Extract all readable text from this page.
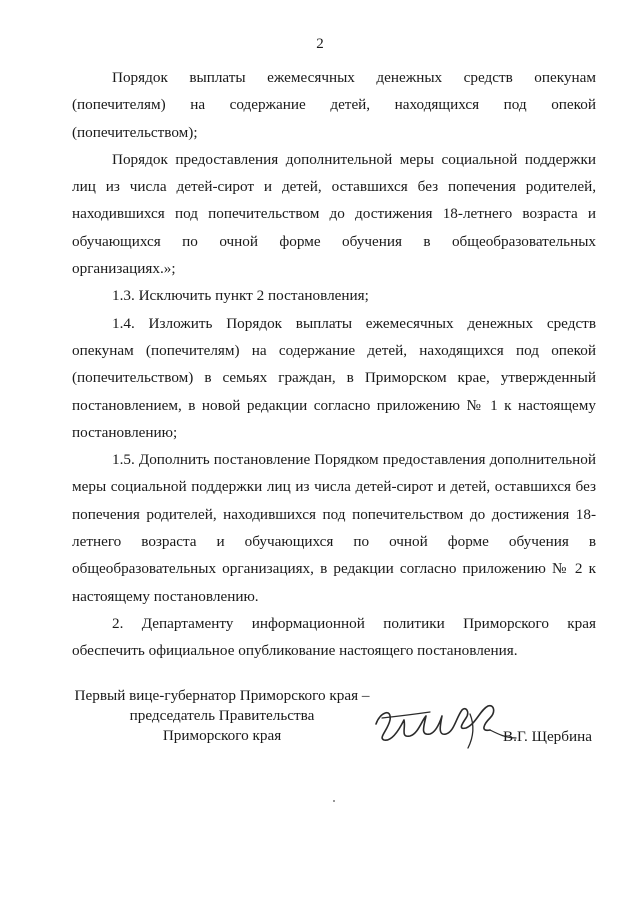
2

Порядок выплаты ежемесячных денежных средств опекунам (попечителям) на содержание детей, находящихся под опекой (попечительством);

Порядок предоставления дополнительной меры социальной поддержки лиц из числа детей-сирот и детей, оставшихся без попечения родителей, находившихся под попечительством до достижения 18-летнего возраста и обучающихся по очной форме обучения в общеобразовательных организациях.»;

1.3. Исключить пункт 2 постановления;

1.4. Изложить Порядок выплаты ежемесячных денежных средств опекунам (попечителям) на содержание детей, находящихся под опекой (попечительством) в семьях граждан, в Приморском крае, утвержденный постановлением, в новой редакции согласно приложению № 1 к настоящему постановлению;

1.5. Дополнить постановление Порядком предоставления дополнительной меры социальной поддержки лиц из числа детей-сирот и детей, оставшихся без попечения родителей, находившихся под попечительством до достижения 18-летнего возраста и обучающихся по очной форме обучения в общеобразовательных организациях, в редакции согласно приложению № 2 к настоящему постановлению.

2. Департаменту информационной политики Приморского края обеспечить официальное опубликование настоящего постановления.

Первый вице-губернатор Приморского края –
председатель Правительства
Приморского края	В.Г. Щербина
